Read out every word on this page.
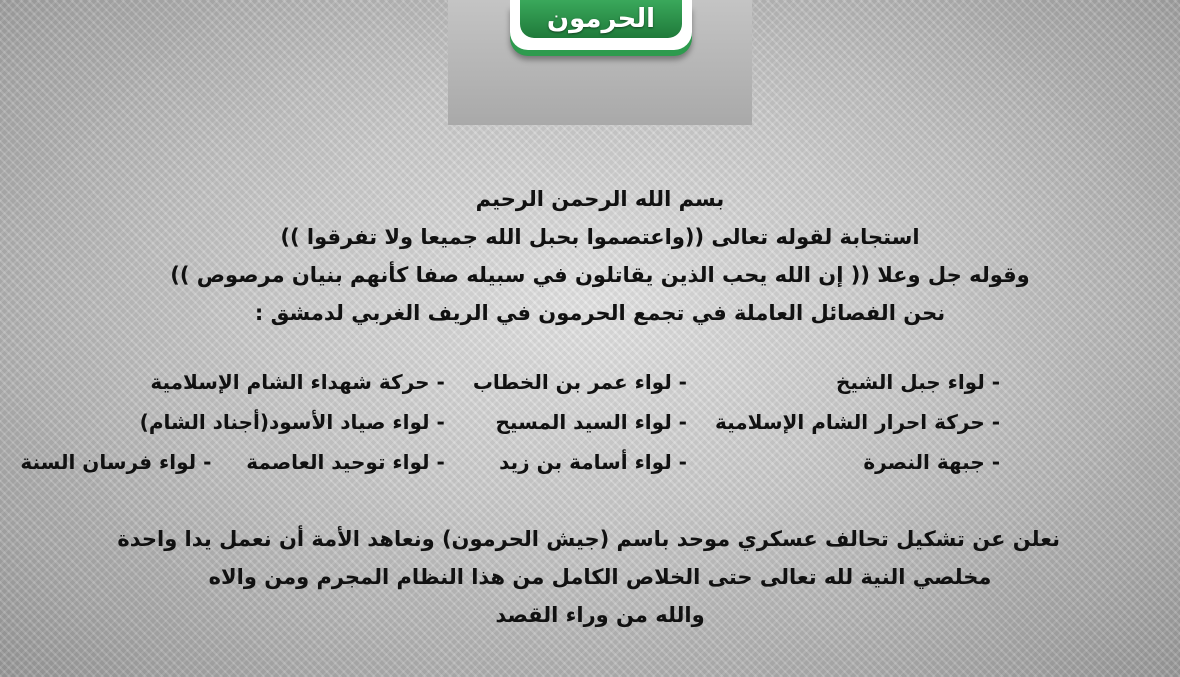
الحرمون
بسم الله الرحمن الرحيم
استجابة لقوله تعالى ((واعتصموا بحبل الله جميعا ولا تفرقوا ))
وقوله جل وعلا (( إن الله يحب الذين يقاتلون في سبيله صفا كأنهم بنيان مرصوص ))
نحن الفصائل العاملة في تجمع الحرمون في الريف الغربي لدمشق :
- لواء جبل الشيخ	- لواء عمر بن الخطاب	- حركة شهداء الشام الإسلامية
- حركة احرار الشام الإسلامية	- لواء السيد المسيح	- لواء صياد الأسود(أجناد الشام)
- جبهة النصرة	- لواء أسامة بن زيد	- لواء توحيد العاصمة     - لواء فرسان السنة
نعلن عن تشكيل تحالف عسكري موحد باسم (جيش الحرمون) ونعاهد الأمة أن نعمل يدا واحدة
مخلصي النية لله تعالى حتى الخلاص الكامل من هذا النظام المجرم ومن والاه
والله من وراء القصد
